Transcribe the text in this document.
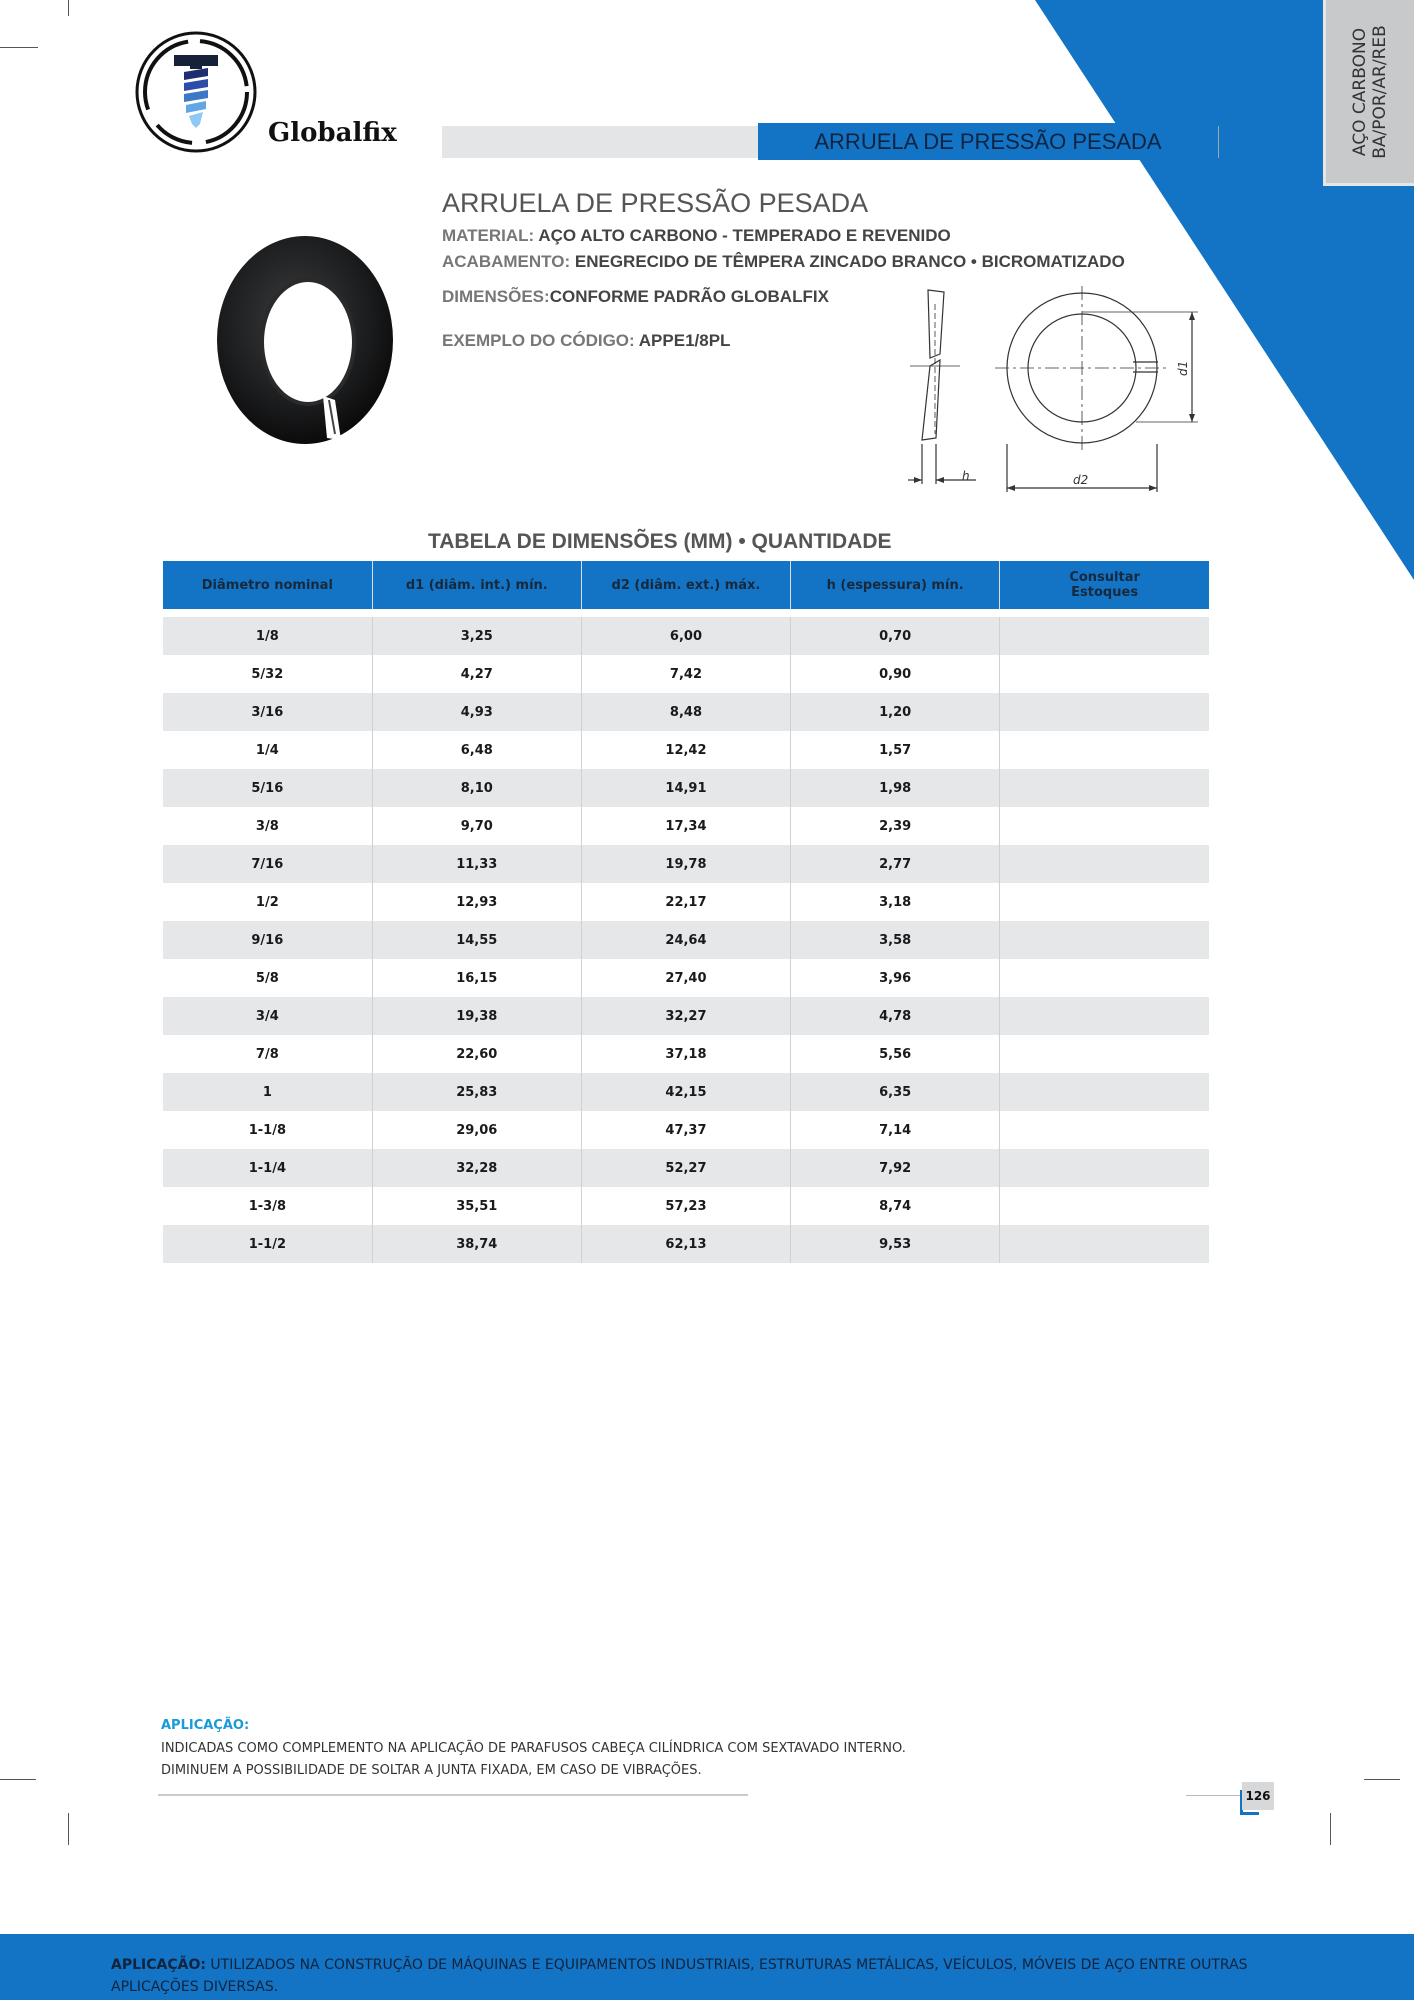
AÇO CARBONO BA/POR/AR/REB
Globalfix	ARRUELA DE PRESSÃO PESADA
ARRUELA DE PRESSÃO PESADA
MATERIAL: AÇO ALTO CARBONO - TEMPERADO E REVENIDO
ACABAMENTO: ENEGRECIDO DE TÊMPERA ZINCADO BRANCO • BICROMATIZADO
DIMENSÕES:CONFORME PADRÃO GLOBALFIX
EXEMPLO DO CÓDIGO: APPE1/8PL
h	d2
d1
TABELA DE DIMENSÕES (MM) • QUANTIDADE
Diâmetro nominal	d1 (diâm. int.) mín.	d2 (diâm. ext.) máx.	h (espessura) mín.	Consultar
Estoques

1/8	3,25	6,00	0,70	
5/32	4,27	7,42	0,90	
3/16	4,93	8,48	1,20	
1/4	6,48	12,42	1,57	
5/16	8,10	14,91	1,98	
3/8	9,70	17,34	2,39	
7/16	11,33	19,78	2,77	
1/2	12,93	22,17	3,18	
9/16	14,55	24,64	3,58	
5/8	16,15	27,40	3,96	
3/4	19,38	32,27	4,78	
7/8	22,60	37,18	5,56	
1	25,83	42,15	6,35	
1-1/8	29,06	47,37	7,14	
1-1/4	32,28	52,27	7,92	
1-3/8	35,51	57,23	8,74	
1-1/2	38,74	62,13	9,53	
APLICAÇÃO:
INDICADAS COMO COMPLEMENTO NA APLICAÇÃO DE PARAFUSOS CABEÇA CILÍNDRICA COM SEXTAVADO INTERNO.
DIMINUEM A POSSIBILIDADE DE SOLTAR A JUNTA FIXADA, EM CASO DE VIBRAÇÕES.
126
APLICAÇÃO: UTILIZADOS NA CONSTRUÇÃO DE MÁQUINAS E EQUIPAMENTOS INDUSTRIAIS, ESTRUTURAS METÁLICAS, VEÍCULOS, MÓVEIS DE AÇO ENTRE OUTRAS APLICAÇÕES DIVERSAS.
